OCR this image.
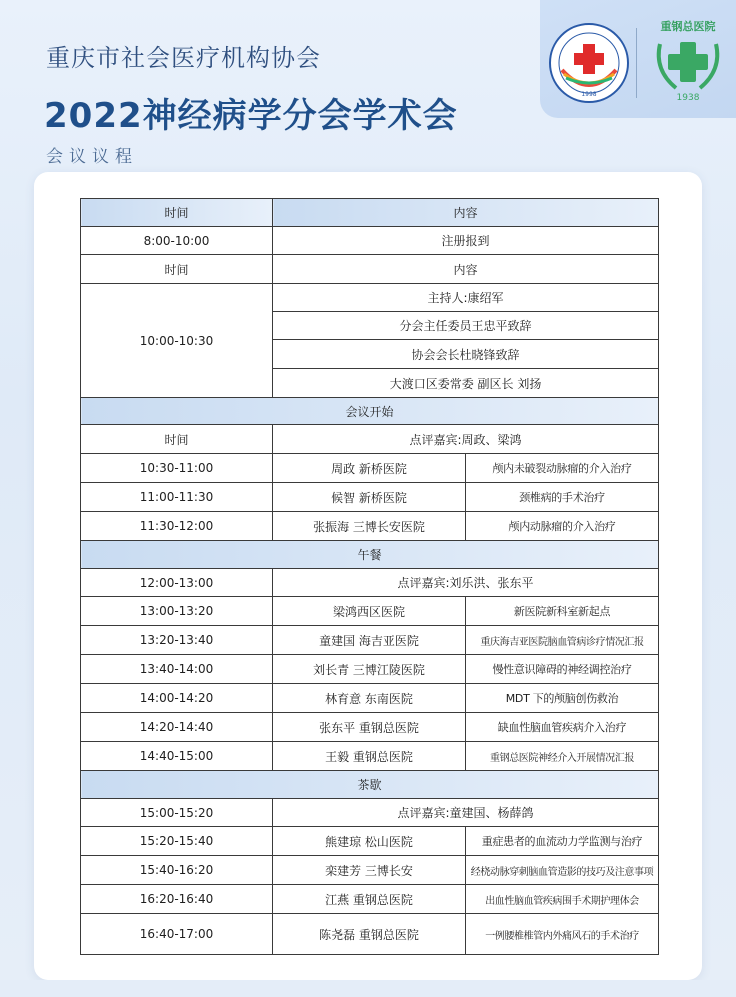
重庆市社会医疗机构协会
2022神经病学分会学术会
会议议程
1998
重钢总医院
1938
时间	内容	
8:00-10:00	注册报到	
时间	内容	
10:00-10:30	主持人:康绍军	
	分会主任委员王忠平致辞	
	协会会长杜晓锋致辞	
	大渡口区委常委 副区长 刘扬	
会议开始		
时间	点评嘉宾:周政、梁鸿	
10:30-11:00	周政 新桥医院	颅内未破裂动脉瘤的介入治疗
11:00-11:30	候智 新桥医院	颈椎病的手术治疗
11:30-12:00	张振海 三博长安医院	颅内动脉瘤的介入治疗
午餐		
12:00-13:00	点评嘉宾:刘乐洪、张东平	
13:00-13:20	梁鸿西区医院	新医院新科室新起点
13:20-13:40	童建国 海吉亚医院	重庆海吉亚医院脑血管病诊疗情况汇报
13:40-14:00	刘长青 三博江陵医院	慢性意识障碍的神经调控治疗
14:00-14:20	林育意 东南医院	MDT 下的颅脑创伤救治
14:20-14:40	张东平 重钢总医院	缺血性脑血管疾病介入治疗
14:40-15:00	王毅 重钢总医院	重钢总医院神经介入开展情况汇报
茶歇		
15:00-15:20	点评嘉宾:童建国、杨薛鸽	
15:20-15:40	熊建琼 松山医院	重症患者的血流动力学监测与治疗
15:40-16:20	栾建芳 三博长安	经桡动脉穿刺脑血管造影的技巧及注意事项
16:20-16:40	江燕 重钢总医院	出血性脑血管疾病围手术期护理体会
16:40-17:00	陈尧磊 重钢总医院	一例腰椎椎管内外痛风石的手术治疗
